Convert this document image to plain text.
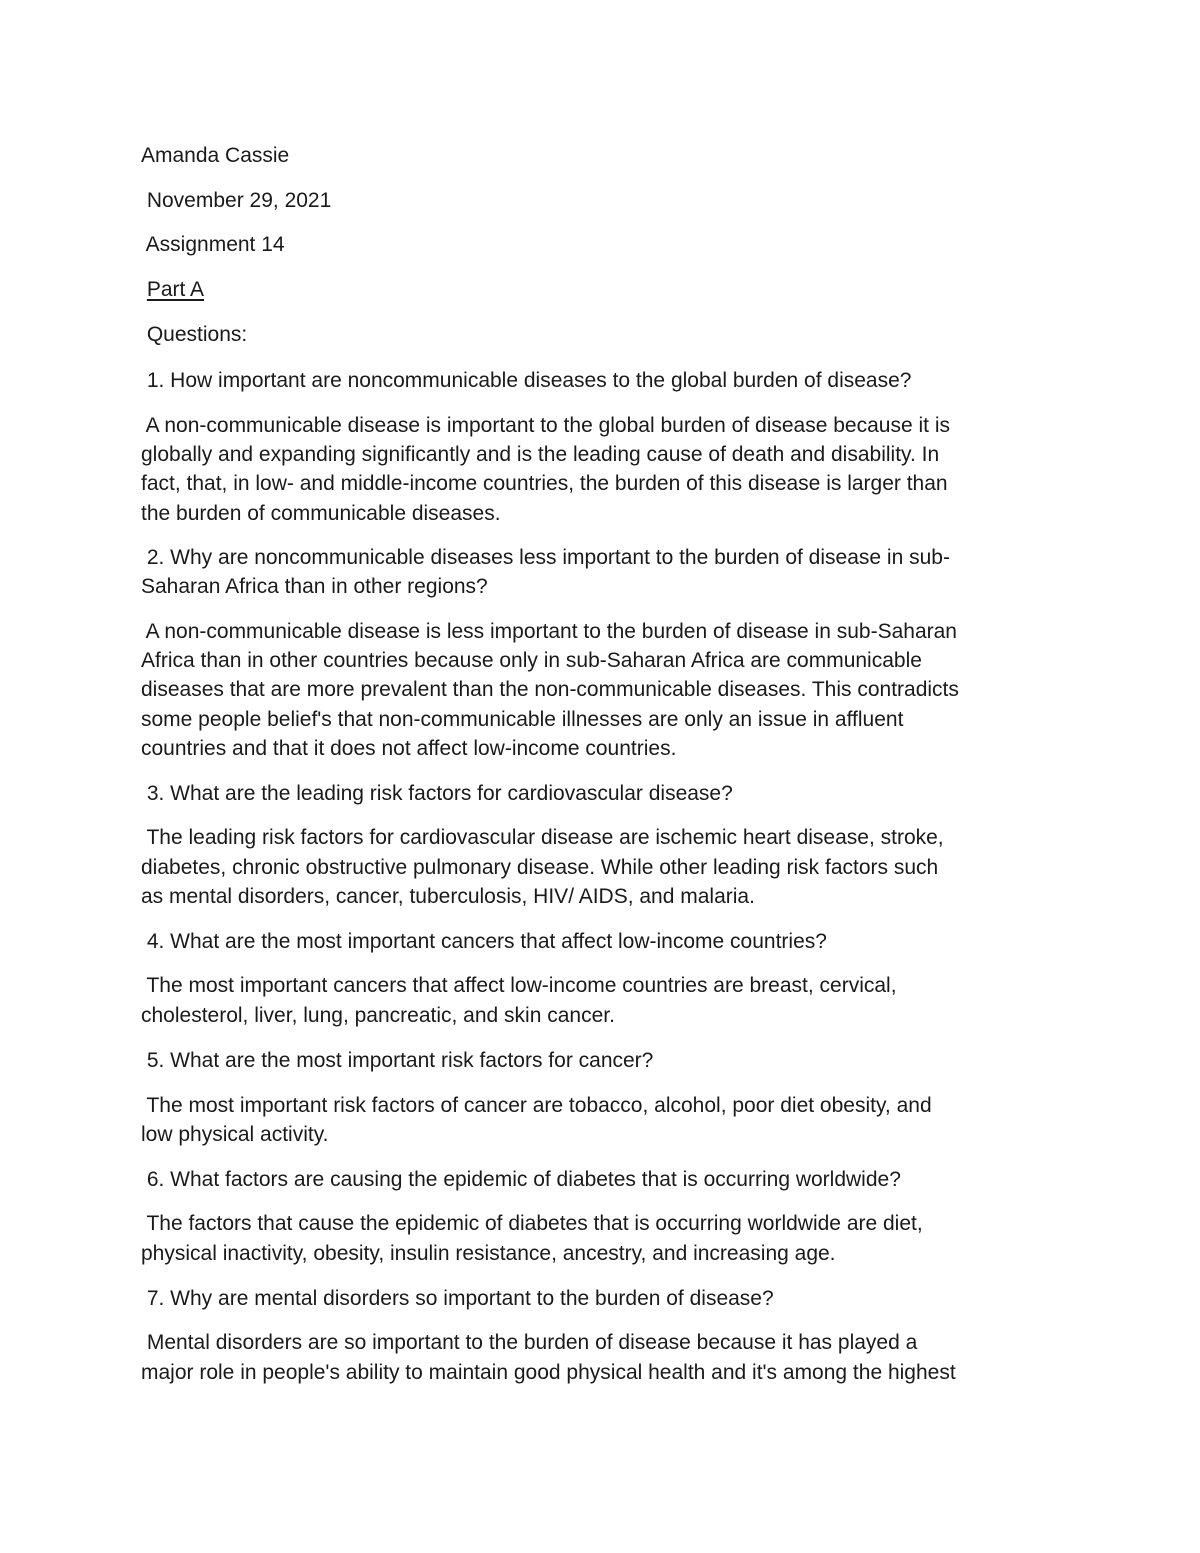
Amanda Cassie

November 29, 2021

Assignment 14

Part A

Questions:

1. How important are noncommunicable diseases to the global burden of disease?

A non-communicable disease is important to the global burden of disease because it is

globally and expanding significantly and is the leading cause of death and disability. In

fact, that, in low- and middle-income countries, the burden of this disease is larger than

the burden of communicable diseases.

2. Why are noncommunicable diseases less important to the burden of disease in sub-

Saharan Africa than in other regions?

A non-communicable disease is less important to the burden of disease in sub-Saharan

Africa than in other countries because only in sub-Saharan Africa are communicable

diseases that are more prevalent than the non-communicable diseases. This contradicts

some people belief's that non-communicable illnesses are only an issue in affluent

countries and that it does not affect low-income countries.

3. What are the leading risk factors for cardiovascular disease?

The leading risk factors for cardiovascular disease are ischemic heart disease, stroke,

diabetes, chronic obstructive pulmonary disease. While other leading risk factors such

as mental disorders, cancer, tuberculosis, HIV/ AIDS, and malaria.

4. What are the most important cancers that affect low-income countries?

The most important cancers that affect low-income countries are breast, cervical,

cholesterol, liver, lung, pancreatic, and skin cancer.

5. What are the most important risk factors for cancer?

The most important risk factors of cancer are tobacco, alcohol, poor diet obesity, and

low physical activity.

6. What factors are causing the epidemic of diabetes that is occurring worldwide?

The factors that cause the epidemic of diabetes that is occurring worldwide are diet,

physical inactivity, obesity, insulin resistance, ancestry, and increasing age.

7. Why are mental disorders so important to the burden of disease?

Mental disorders are so important to the burden of disease because it has played a

major role in people's ability to maintain good physical health and it's among the highest
